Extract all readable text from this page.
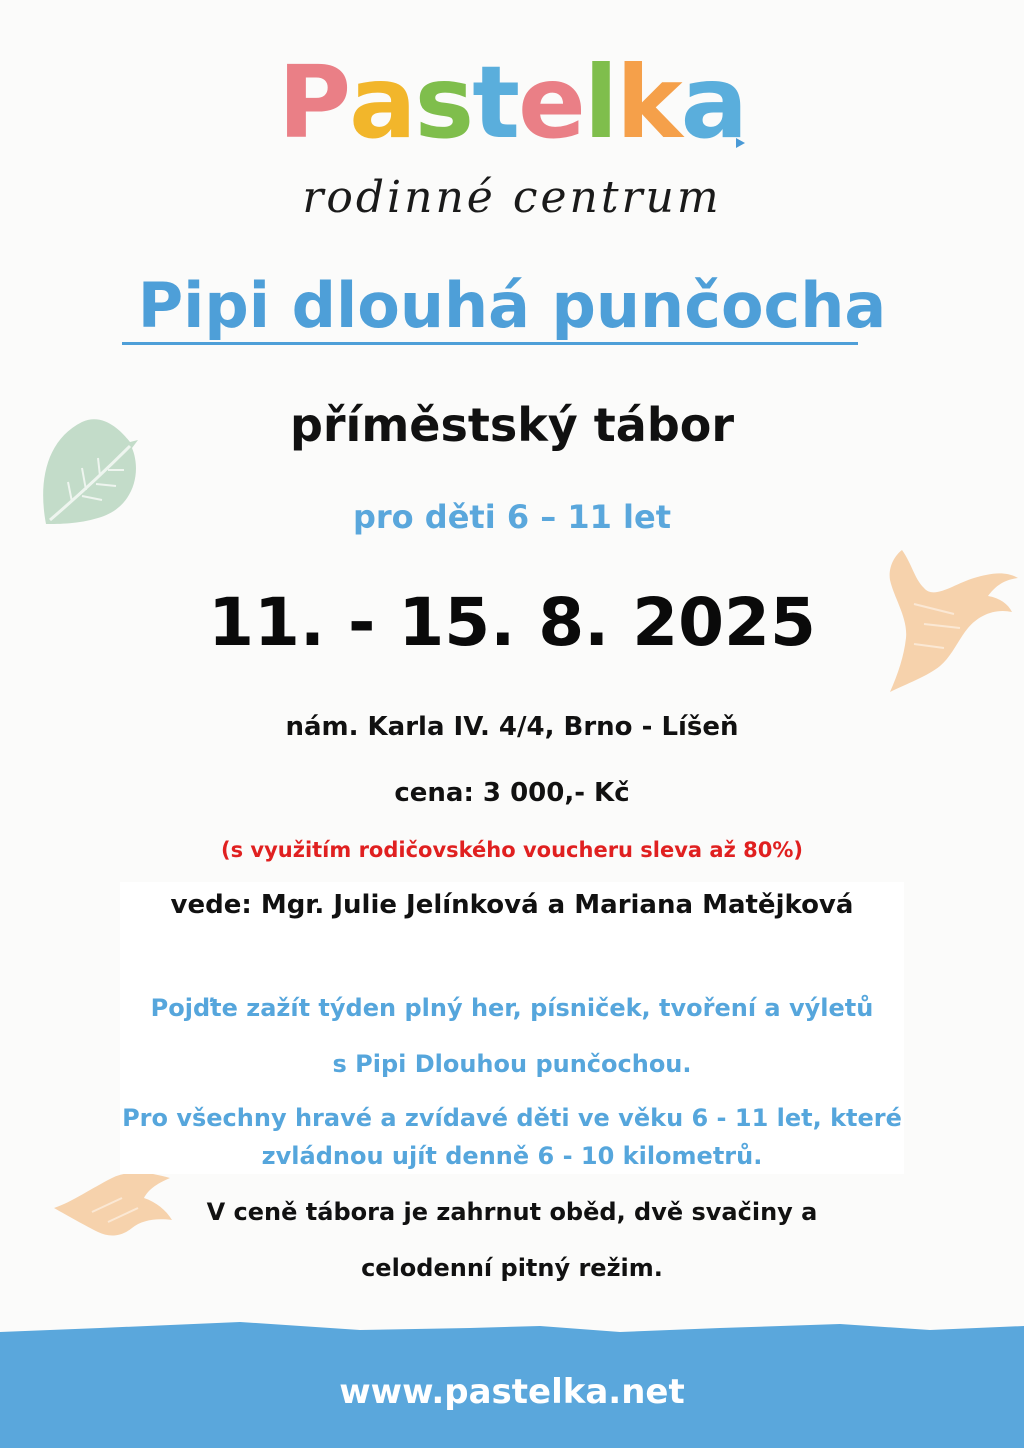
Pastelka
rodinné centrum
Pipi dlouhá punčocha
příměstský tábor
pro děti 6 – 11 let
11. - 15. 8. 2025
nám. Karla IV. 4/4, Brno - Líšeň
cena: 3 000,- Kč
(s využitím rodičovského voucheru sleva až 80%)
vede: Mgr. Julie Jelínková a Mariana Matějková
Pojďte zažít týden plný her, písniček, tvoření a výletů
s Pipi Dlouhou punčochou.
Pro všechny hravé a zvídavé děti ve věku 6 - 11 let, které
zvládnou ujít denně 6 - 10 kilometrů.
V ceně tábora je zahrnut oběd, dvě svačiny a
celodenní pitný režim.
www.pastelka.net
